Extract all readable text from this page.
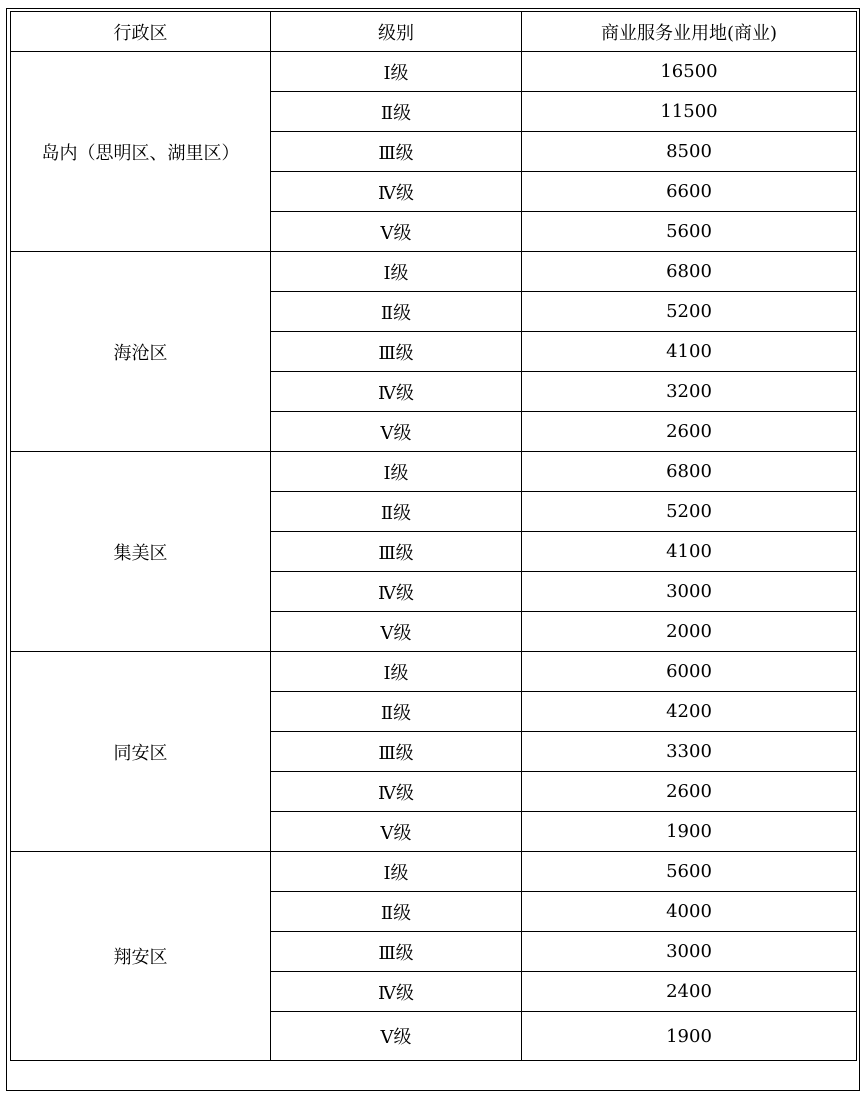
行政区	级别	商业服务业用地(商业)
岛内（思明区、湖里区）	Ⅰ级	16500
	Ⅱ级	11500
	Ⅲ级	8500
	Ⅳ级	6600
	Ⅴ级	5600
海沧区	Ⅰ级	6800
	Ⅱ级	5200
	Ⅲ级	4100
	Ⅳ级	3200
	Ⅴ级	2600
集美区	Ⅰ级	6800
	Ⅱ级	5200
	Ⅲ级	4100
	Ⅳ级	3000
	Ⅴ级	2000
同安区	Ⅰ级	6000
	Ⅱ级	4200
	Ⅲ级	3300
	Ⅳ级	2600
	Ⅴ级	1900
翔安区	Ⅰ级	5600
	Ⅱ级	4000
	Ⅲ级	3000
	Ⅳ级	2400
	Ⅴ级	1900
